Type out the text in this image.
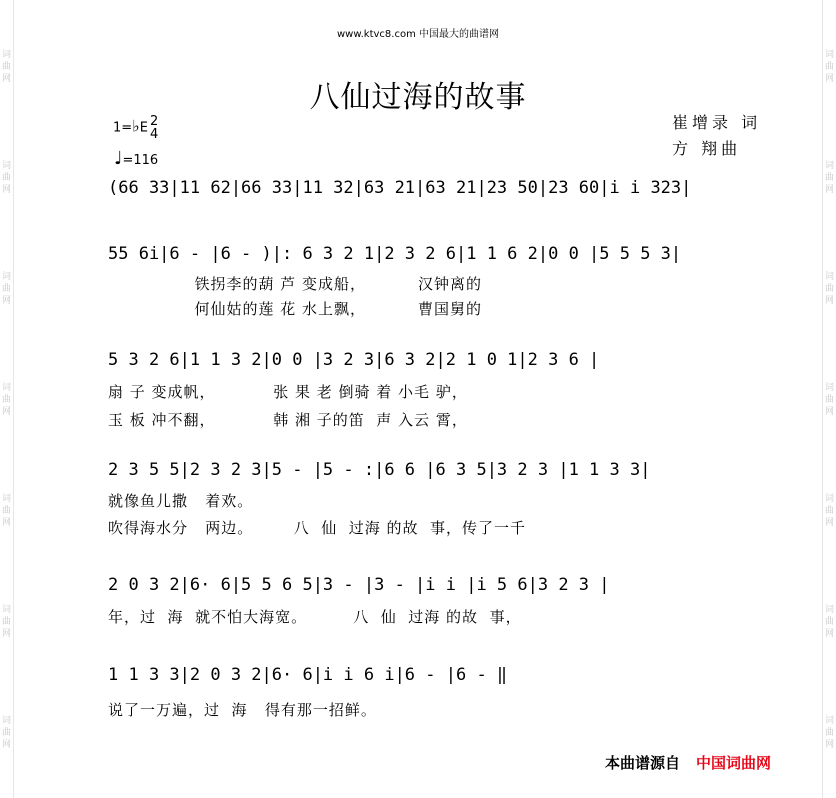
词
曲
网
词
曲
网
词
曲
网
词
曲
网
词
曲
网
词
曲
网
词
曲
网
词
曲
网
词
曲
网
词
曲
网
词
曲
网
词
曲
网
词
曲
网
词
曲
网
www.ktvc8.com 中国最大的曲谱网
八仙过海的故事
崔增录 词
方 翔曲
1=♭E 2
4
♩=116
(66 33|11 62|66 33|11 32|63 21|63 21|23 50|23 60|i i 323|
55 6i|6 - |6 - )|: 6 3 2 1|2 3 2 6|1 1 6 2|0 0 |5 5 5 3|
铁拐李的葫 芦 变成船，         汉钟离的
何仙姑的莲 花 水上飘，         曹国舅的
5 3 2 6|1 1 3 2|0 0 |3 2 3|6 3 2|2 1 0 1|2 3 6 |
扇 子 变成帆，          张 果 老 倒骑 着 小毛 驴，
玉 板 冲不翻，          韩 湘 子的笛  声 入云 霄，
2 3 5 5|2 3 2 3|5 - |5 - :|6 6 |6 3 5|3 2 3 |1 1 3 3|
就像鱼儿撒   着欢。
吹得海水分   两边。       八  仙  过海 的故  事，传了一千
2 0 3 2|6· 6|5 5 6 5|3 - |3 - |i i |i 5 6|3 2 3 |
年，过  海  就不怕大海宽。        八  仙  过海 的故  事，
1 1 3 3|2 0 3 2|6· 6|i i 6 i|6 - |6 - ‖
说了一万遍，过  海   得有那一招鲜。
本曲谱源自 中国词曲网
